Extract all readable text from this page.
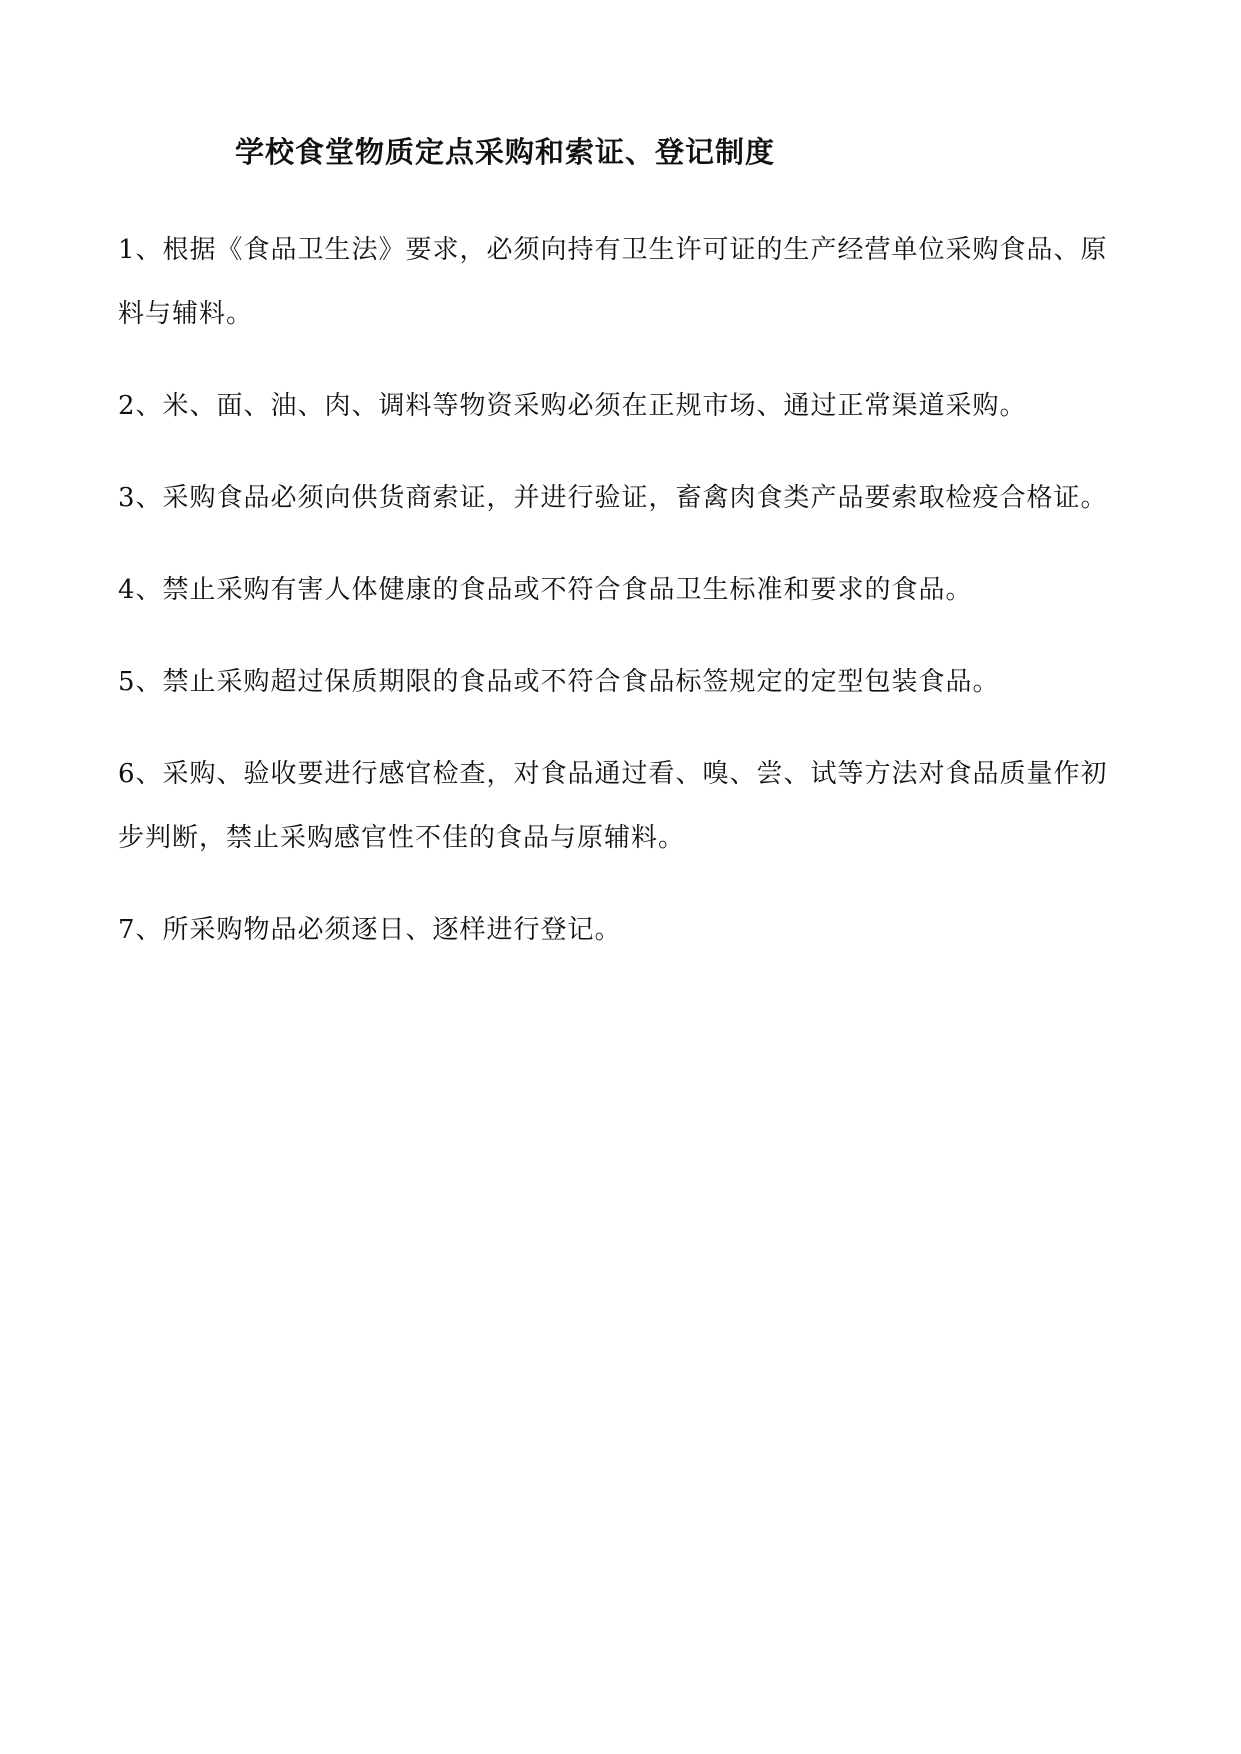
学校食堂物质定点采购和索证、登记制度
1、根据《食品卫生法》要求，必须向持有卫生许可证的生产经营单位采购食品、原料与辅料。
2、米、面、油、肉、调料等物资采购必须在正规市场、通过正常渠道采购。
3、采购食品必须向供货商索证，并进行验证，畜禽肉食类产品要索取检疫合格证。
4、禁止采购有害人体健康的食品或不符合食品卫生标准和要求的食品。
5、禁止采购超过保质期限的食品或不符合食品标签规定的定型包装食品。
6、采购、验收要进行感官检查，对食品通过看、嗅、尝、试等方法对食品质量作初步判断，禁止采购感官性不佳的食品与原辅料。
7、所采购物品必须逐日、逐样进行登记。
